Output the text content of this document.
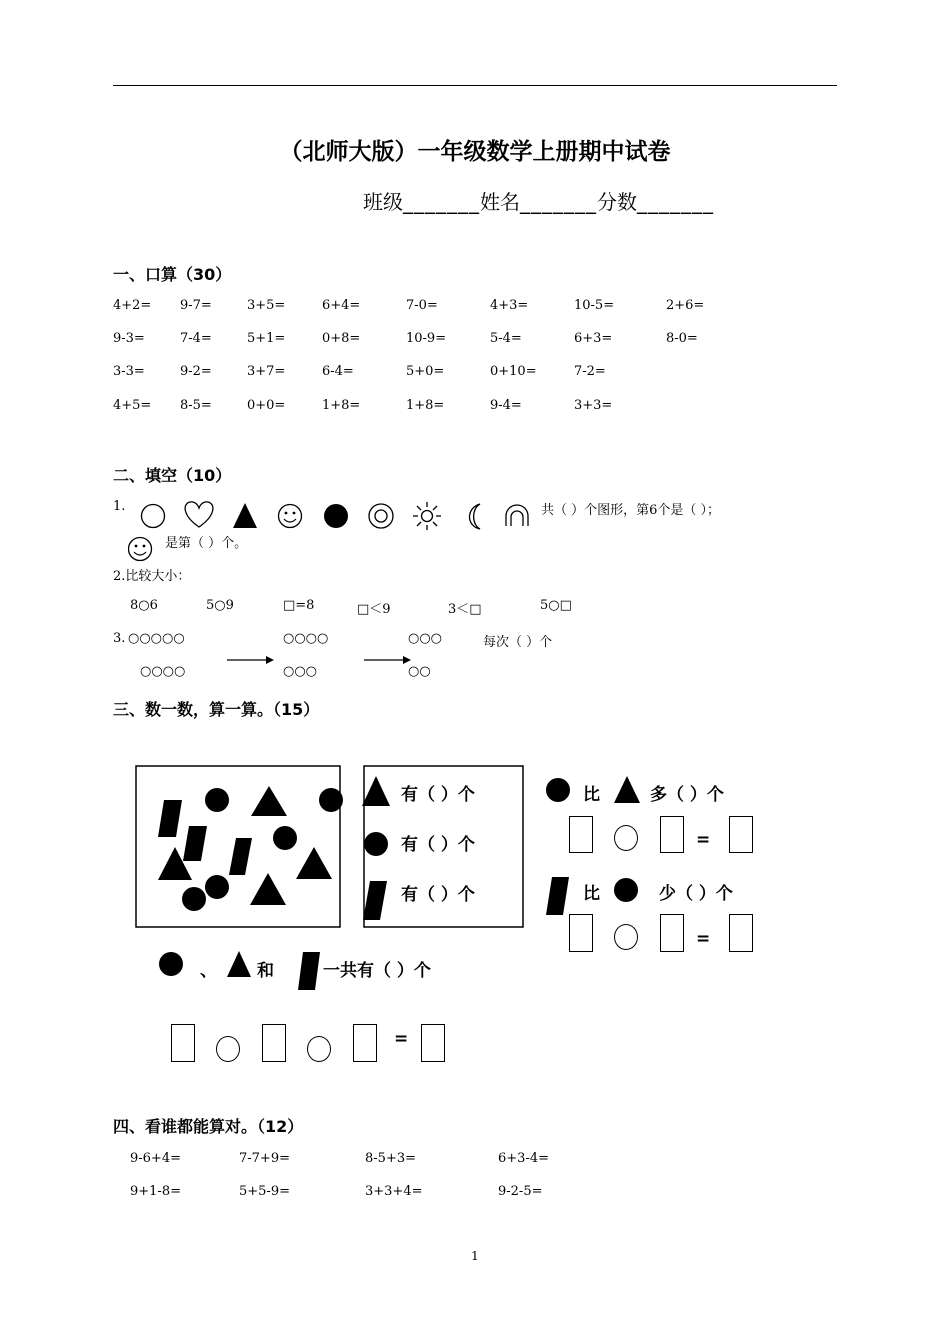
（北师大版）一年级数学上册期中试卷
班级_______姓名_______分数_______
一、口算（30）
4+2= 9-7=	3+5=	6+4=	7-0=	4+3=	10-5=	2+6=
9-3=	7-4=	5+1=	0+8=	10-9=	5-4=	6+3=	8-0=
3-3=	9-2=	3+7=	6-4=	5+0=	0+10=	7-2=
4+5= 8-5=	0+0=	1+8=	1+8=	9-4=	3+3=
二、填空（10）
1.	共（ ）个图形，第6个是（ ）；
是第（ ）个。
2.比较大小：
8○6	5○9	□=8	□＜9	3＜□	5○□
3. ○○○○○	○○○○	○○○	每次（ ）个
○○○○	○○○	○○
三、数一数，算一算。（15）
有（ ）个
有（ ）个
有（ ）个
比	多（ ）个
比	少（ ）个
=
=
、 和	一共有（ ）个
=
四、看谁都能算对。（12）
9-6+4=	7-7+9=	8-5+3=	6+3-4=
9+1-8=	5+5-9=	3+3+4=	9-2-5=
1
